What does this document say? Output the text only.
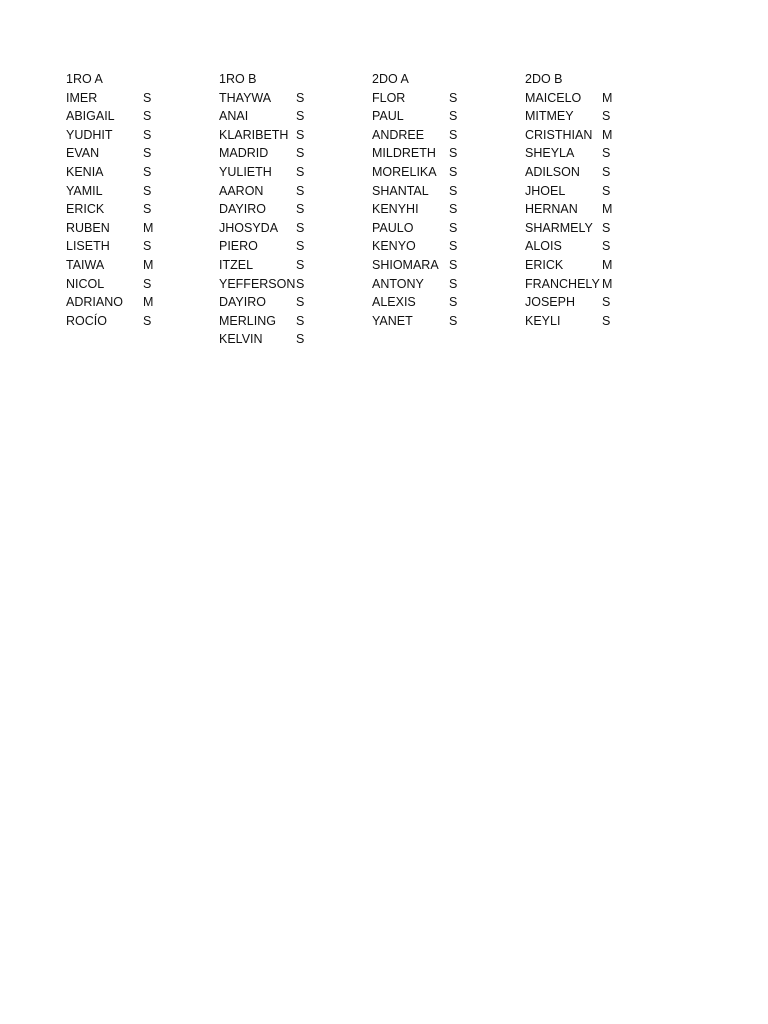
1RO A
IMER	S
ABIGAIL S
YUDHIT S
EVAN	S
KENIA	S
YAMIL	S
ERICK	S
RUBEN	M
LISETH	S
TAIWA	M
NICOL	S
ADRIANO M
ROCÍO	S
1RO B
THAYWA S
ANAI	S
KLARIBETH S
MADRID S
YULIETH S
AARON	S
DAYIRO S
JHOSYDA S
PIERO	S
ITZEL	S
YEFFERSON S
DAYIRO S
MERLING S
KELVIN	S
2DO A
FLOR	S
PAUL	S
ANDREE S
MILDRETH S
MORELIKA S
SHANTAL S
KENYHI S
PAULO	S
KENYO	S
SHIOMARA S
ANTONY S
ALEXIS	S
YANET	S
2DO B
MAICELO M
MITMEY S
CRISTHIAN M
SHEYLA S
ADILSON S
JHOEL	S
HERNAN M
SHARMELY S
ALOIS	S
ERICK	M
FRANCHELY M
JOSEPH S
KEYLI	S
